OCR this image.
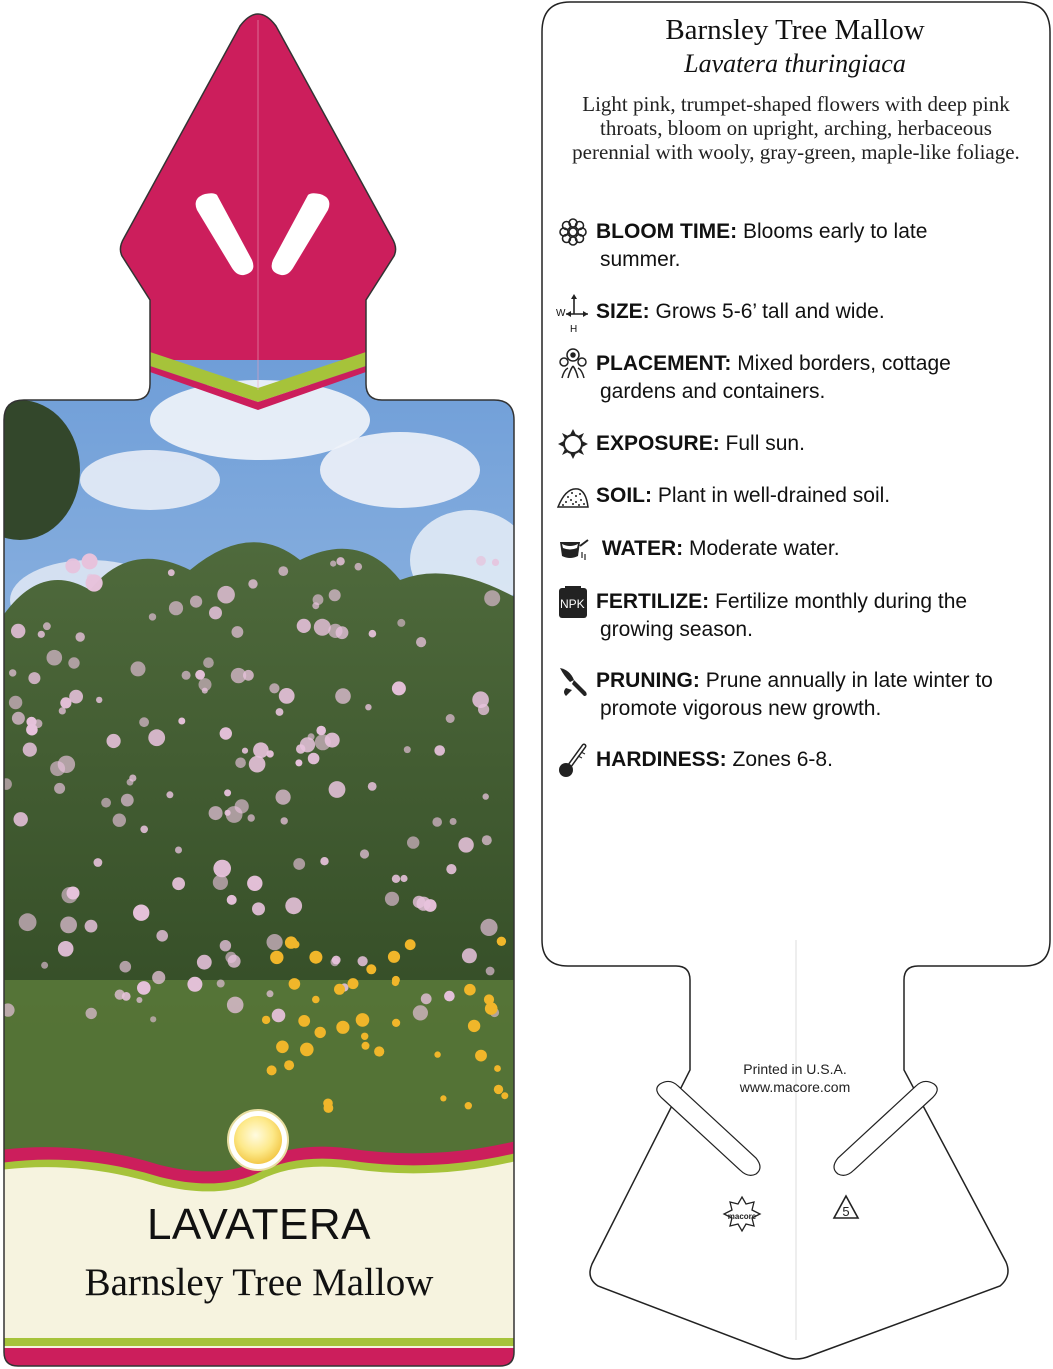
LAVATERA
Barnsley Tree Mallow
macore	5
Barnsley Tree Mallow
Lavatera thuringiaca
Light pink, trumpet-shaped flowers with deep pink throats, bloom on upright, arching, herbaceous perennial with wooly, gray-green, maple-like foliage.
BLOOM TIME: Blooms early to late
summer.
W
H
SIZE: Grows 5-6’ tall and wide.
PLACEMENT: Mixed borders, cottage
gardens and containers.
EXPOSURE: Full sun.
SOIL: Plant in well-drained soil.
WATER: Moderate water.
NPK FERTILIZE: Fertilize monthly during the
growing season.
PRUNING: Prune annually in late winter to
promote vigorous new growth.
HARDINESS: Zones 6-8.
Printed in U.S.A.
www.macore.com
